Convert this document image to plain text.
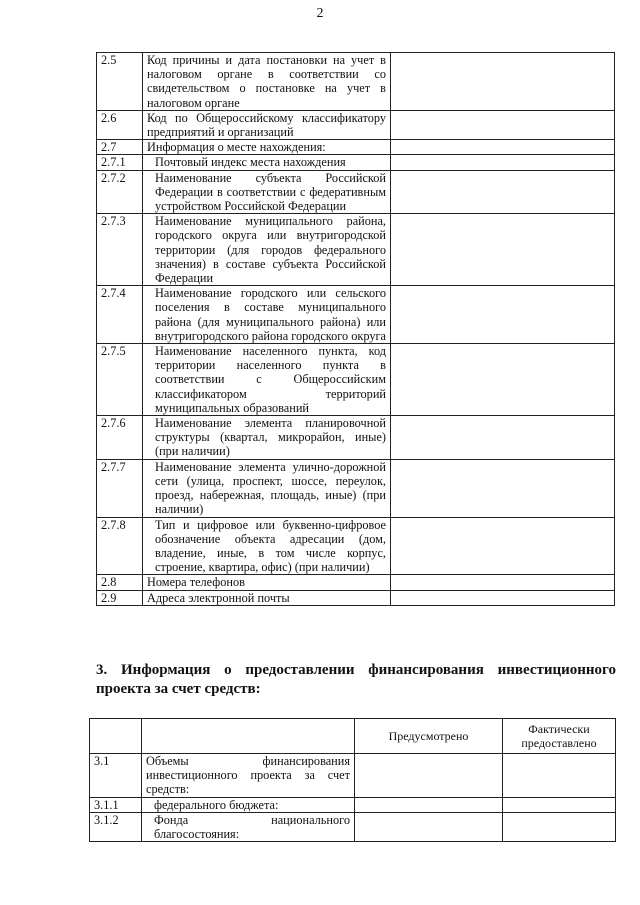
2
2.5	Код причины и дата постановки на учет в налоговом органе в соответствии со свидетельством о постановке на учет в налоговом органе	
2.6	Код по Общероссийскому классификатору предприятий и организаций	
2.7	Информация о месте нахождения:	
2.7.1	Почтовый индекс места нахождения	
2.7.2	Наименование субъекта Российской Федерации в соответствии с федеративным устройством Российской Федерации	
2.7.3	Наименование муниципального района, городского округа или внутригородской территории (для городов федерального значения) в составе субъекта Российской Федерации	
2.7.4	Наименование городского или сельского поселения в составе муниципального района (для муниципального района) или внутригородского района городского округа	
2.7.5	Наименование населенного пункта, код территории населенного пункта в соответствии с Общероссийским классификатором территорий муниципальных образований	
2.7.6	Наименование элемента планировочной структуры (квартал, микрорайон, иные) (при наличии)	
2.7.7	Наименование элемента улично-дорожной сети (улица, проспект, шоссе, переулок, проезд, набережная, площадь, иные) (при наличии)	
2.7.8	Тип и цифровое или буквенно-цифровое обозначение объекта адресации (дом, владение, иные, в том числе корпус, строение, квартира, офис) (при наличии)	
2.8	Номера телефонов	
2.9	Адреса электронной почты	
3. Информация о предоставлении финансирования инвестиционного проекта за счет средств:
		Предусмотрено	Фактически предоставлено
3.1	Объемы финансирования инвестиционного проекта за счет средств:		
3.1.1	федерального бюджета:		
3.1.2	Фонда национального благосостояния:		
